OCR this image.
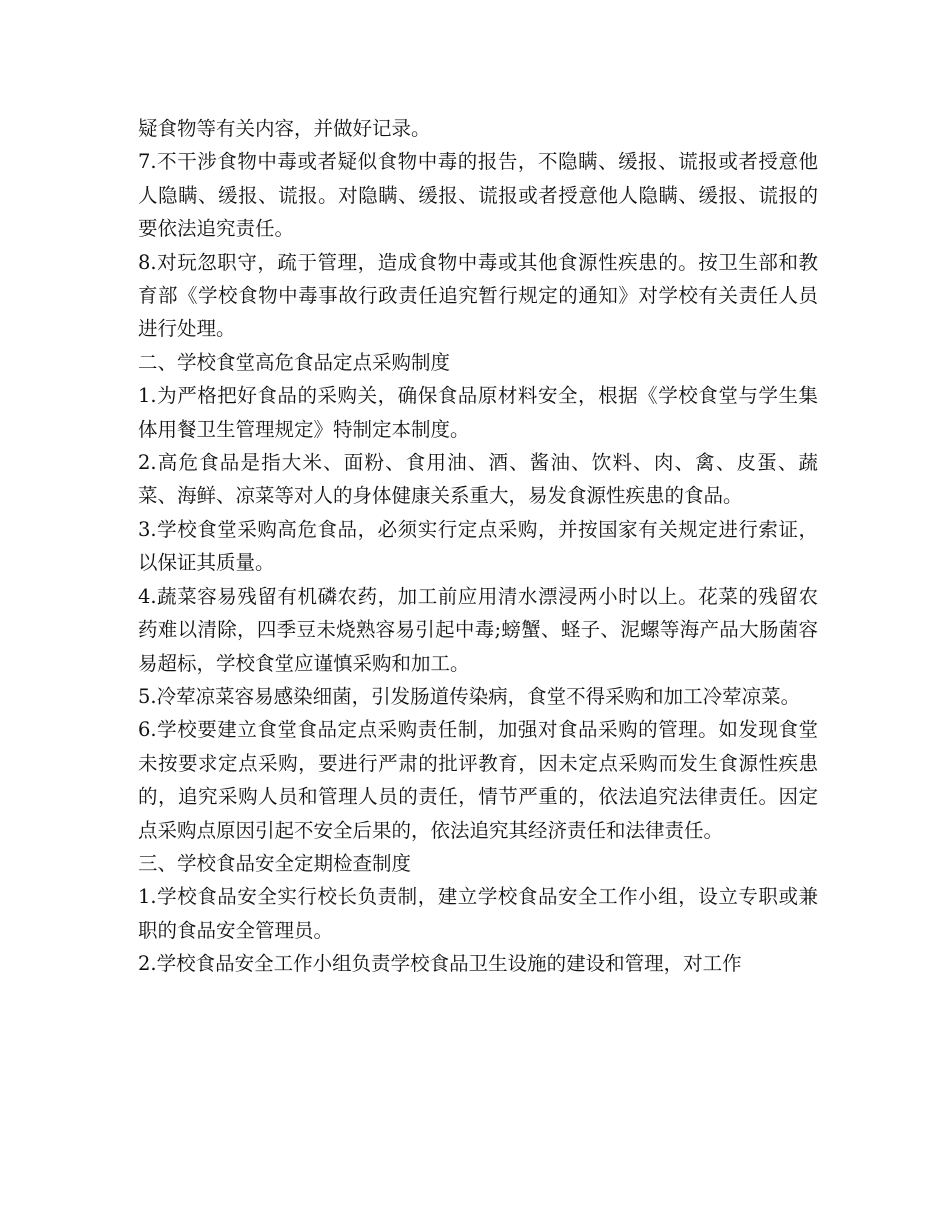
疑食物等有关内容，并做好记录。

7.不干涉食物中毒或者疑似食物中毒的报告，不隐瞒、缓报、谎报或者授意他人隐瞒、缓报、谎报。对隐瞒、缓报、谎报或者授意他人隐瞒、缓报、谎报的要依法追究责任。

8.对玩忽职守，疏于管理，造成食物中毒或其他食源性疾患的。按卫生部和教育部《学校食物中毒事故行政责任追究暂行规定的通知》对学校有关责任人员进行处理。

二、学校食堂高危食品定点采购制度

1.为严格把好食品的采购关，确保食品原材料安全，根据《学校食堂与学生集体用餐卫生管理规定》特制定本制度。

2.高危食品是指大米、面粉、食用油、酒、酱油、饮料、肉、禽、皮蛋、蔬菜、海鲜、凉菜等对人的身体健康关系重大，易发食源性疾患的食品。

3.学校食堂采购高危食品，必须实行定点采购，并按国家有关规定进行索证，以保证其质量。

4.蔬菜容易残留有机磷农药，加工前应用清水漂浸两小时以上。花菜的残留农药难以清除，四季豆未烧熟容易引起中毒;螃蟹、蛏子、泥螺等海产品大肠菌容易超标，学校食堂应谨慎采购和加工。

5.冷荤凉菜容易感染细菌，引发肠道传染病，食堂不得采购和加工冷荤凉菜。

6.学校要建立食堂食品定点采购责任制，加强对食品采购的管理。如发现食堂未按要求定点采购，要进行严肃的批评教育，因未定点采购而发生食源性疾患的，追究采购人员和管理人员的责任，情节严重的，依法追究法律责任。因定点采购点原因引起不安全后果的，依法追究其经济责任和法律责任。

三、学校食品安全定期检查制度

1.学校食品安全实行校长负责制，建立学校食品安全工作小组，设立专职或兼职的食品安全管理员。

2.学校食品安全工作小组负责学校食品卫生设施的建设和管理，对工作
